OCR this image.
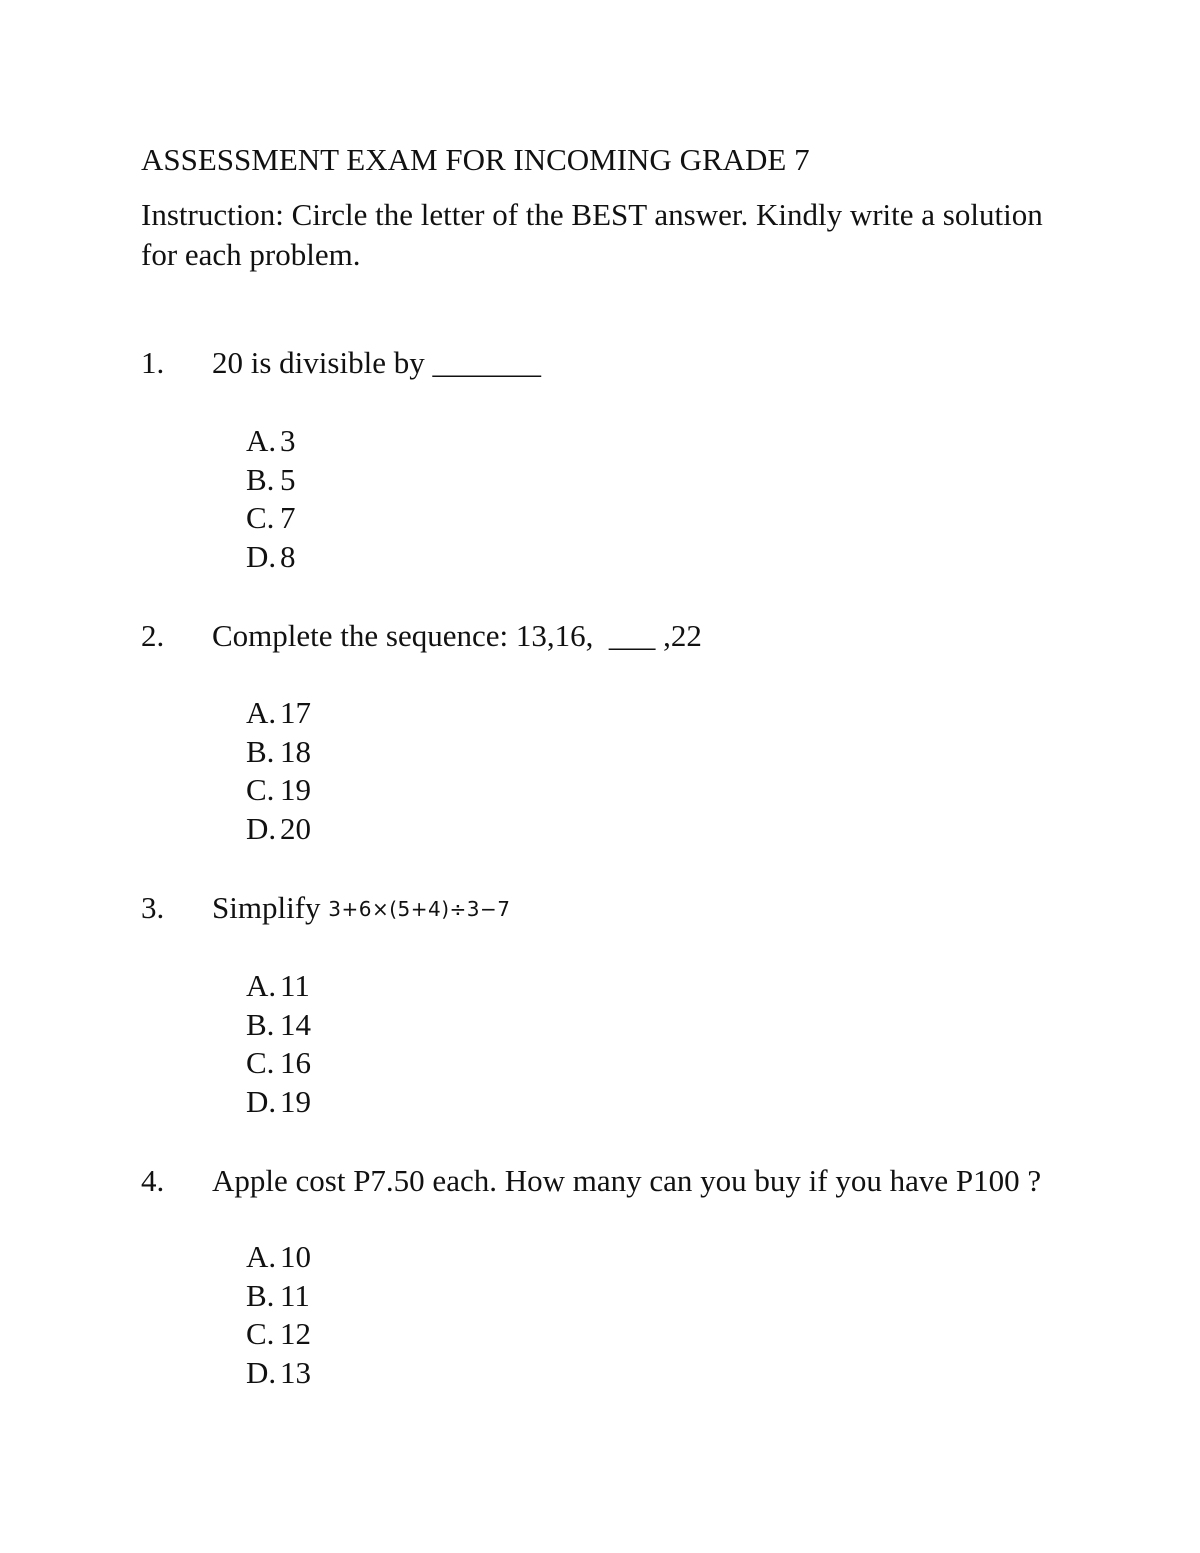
ASSESSMENT EXAM FOR INCOMING GRADE 7
Instruction: Circle the letter of the BEST answer. Kindly write a solution for each problem.
1. 20 is divisible by _______
A. 3
B. 5
C. 7
D. 8
2. Complete the sequence: 13,16,  ___ ,22
A. 17
B. 18
C. 19
D. 20
3. Simplify 3+6×(5+4)÷3−7
A. 11
B. 14
C. 16
D. 19
4. Apple cost P7.50 each. How many can you buy if you have P100 ?
A. 10
B. 11
C. 12
D. 13
